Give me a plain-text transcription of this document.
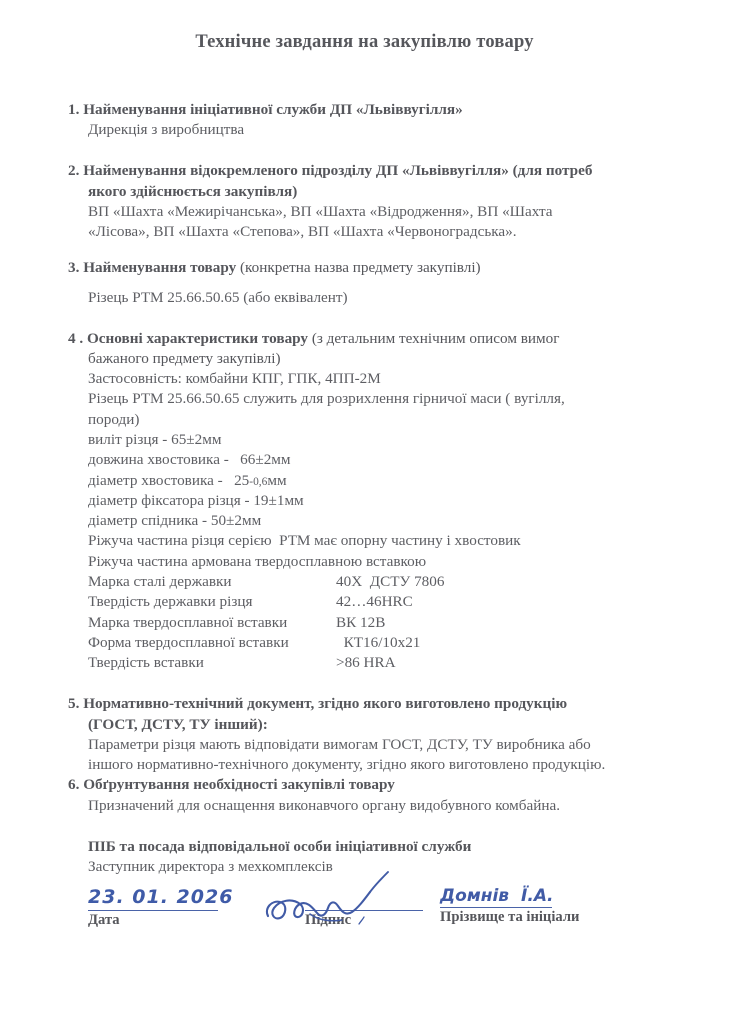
Технічне завдання на закупівлю товару
1. Найменування ініціативної служби ДП «Львіввугілля»
Дирекція з виробництва
2. Найменування відокремленого підрозділу ДП «Львіввугілля» (для потреб
якого здійснюється закупівля)
ВП «Шахта «Межирічанська», ВП «Шахта «Відродження», ВП «Шахта
«Лісова», ВП «Шахта «Степова», ВП «Шахта «Червоноградська».
3. Найменування товару (конкретна назва предмету закупівлі)
Різець РТМ 25.66.50.65 (або еквівалент)
4 . Основні характеристики товару (з детальним технічним описом вимог
бажаного предмету закупівлі)
Застосовність: комбайни КПГ, ГПК, 4ПП-2М
Різець РТМ 25.66.50.65 служить для розрихлення гірничої маси ( вугілля,
породи)
виліт різця - 65±2мм
довжина хвостовика -   66±2мм
діаметр хвостовика -   25-0,6мм
діаметр фіксатора різця - 19±1мм
діаметр спідника - 50±2мм
Ріжуча частина різця серією  РТМ має опорну частину і хвостовик
Ріжуча частина армована твердосплавною вставкою
Марка сталі державки	40Х  ДСТУ 7806
Твердість державки різця	42…46HRC
Марка твердосплавної вставки	ВК 12В
Форма твердосплавної вставки	КТ16/10х21
Твердість вставки	>86 HRA
5. Нормативно-технічний документ, згідно якого виготовлено продукцію
(ГОСТ, ДСТУ, ТУ інший):
Параметри різця мають відповідати вимогам ГОСТ, ДСТУ, ТУ виробника або
іншого нормативно-технічного документу, згідно якого виготовлено продукцію.
6. Обґрунтування необхідності закупівлі товару
Призначений для оснащення виконавчого органу видобувного комбайна.
ПІБ та посада відповідальної особи ініціативної служби
Заступник директора з мехкомплексів
23. 01. 2026
Дата	Підпис
Домнів Ї.А.
Прізвище та ініціали
